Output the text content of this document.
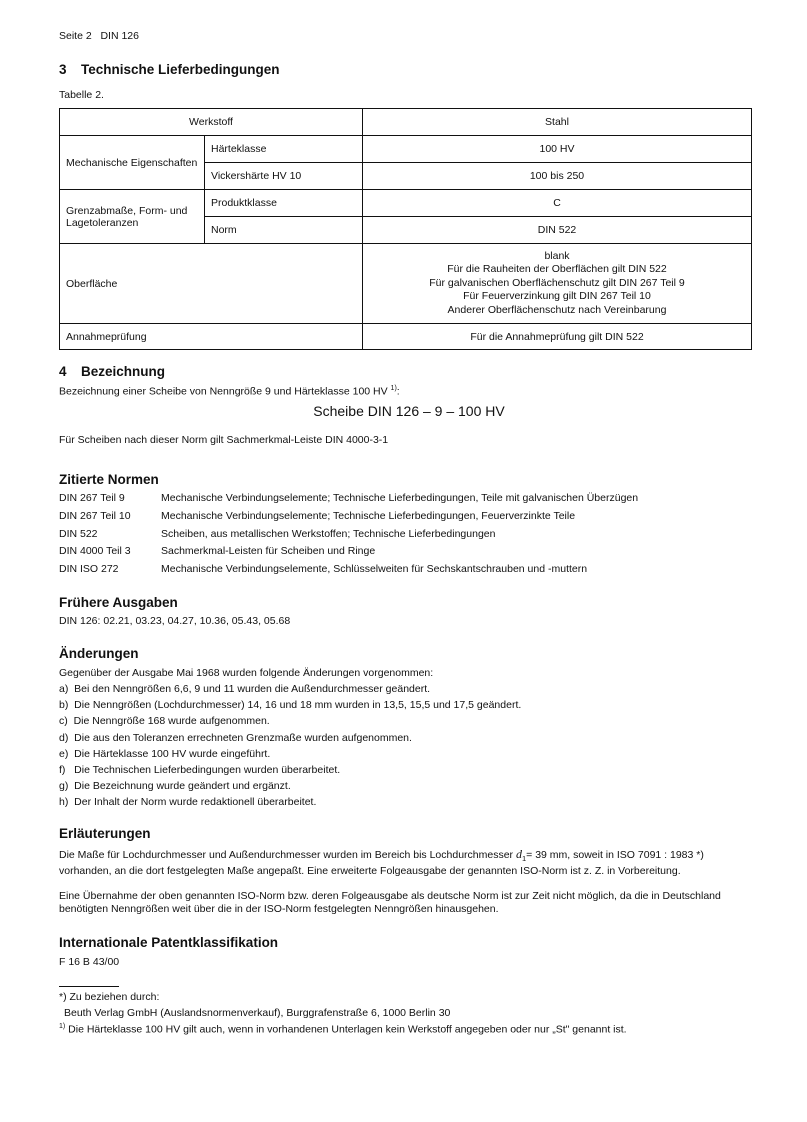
Seite 2 DIN 126
3 Technische Lieferbedingungen
Tabelle 2.
Werkstoff		Stahl
Mechanische Eigenschaften	Härteklasse	100 HV
	Vickershärte HV 10	100 bis 250
Grenzabmaße, Form- und Lagetoleranzen	Produktklasse	C
	Norm	DIN 522
Oberfläche		blank
Für die Rauheiten der Oberflächen gilt DIN 522
Für galvanischen Oberflächenschutz gilt DIN 267 Teil 9
Für Feuerverzinkung gilt DIN 267 Teil 10
Anderer Oberflächenschutz nach Vereinbarung

Annahmeprüfung		Für die Annahmeprüfung gilt DIN 522
4 Bezeichnung
Bezeichnung einer Scheibe von Nenngröße 9 und Härteklasse 100 HV $^{1)}$:
Scheibe DIN 126 – 9 – 100 HV
Für Scheiben nach dieser Norm gilt Sachmerkmal-Leiste DIN 4000-3-1
Zitierte Normen
DIN 267 Teil 9	Mechanische Verbindungselemente; Technische Lieferbedingungen, Teile mit galvanischen Überzügen
DIN 267 Teil 10	Mechanische Verbindungselemente; Technische Lieferbedingungen, Feuerverzinkte Teile
DIN 522	Scheiben, aus metallischen Werkstoffen; Technische Lieferbedingungen
DIN 4000 Teil 3	Sachmerkmal-Leisten für Scheiben und Ringe
DIN ISO 272	Mechanische Verbindungselemente, Schlüsselweiten für Sechskantschrauben und -muttern
Frühere Ausgaben
DIN 126: 02.21, 03.23, 04.27, 10.36, 05.43, 05.68
Änderungen
Gegenüber der Ausgabe Mai 1968 wurden folgende Änderungen vorgenommen:
a)  Bei den Nenngrößen 6,6, 9 und 11 wurden die Außendurchmesser geändert.
b)  Die Nenngrößen (Lochdurchmesser) 14, 16 und 18 mm wurden in 13,5, 15,5 und 17,5 geändert.
c)  Die Nenngröße 168 wurde aufgenommen.
d)  Die aus den Toleranzen errechneten Grenzmaße wurden aufgenommen.
e)  Die Härteklasse 100 HV wurde eingeführt.
f)   Die Technischen Lieferbedingungen wurden überarbeitet.
g)  Die Bezeichnung wurde geändert und ergänzt.
h)  Der Inhalt der Norm wurde redaktionell überarbeitet.
Erläuterungen
Die Maße für Lochdurchmesser und Außendurchmesser wurden im Bereich bis Lochdurchmesser $d_1= 39$ mm, soweit in ISO 7091 : 1983 *) vorhanden, an die dort festgelegten Maße angepaßt. Eine erweiterte Folgeausgabe der genannten ISO-Norm ist z. Z. in Vorbereitung.
Eine Übernahme der oben genannten ISO-Norm bzw. deren Folgeausgabe als deutsche Norm ist zur Zeit nicht möglich, da die in Deutschland benötigten Nenngrößen weit über die in der ISO-Norm festgelegten Nenngrößen hinausgehen.
Internationale Patentklassifikation
F 16 B 43/00
*) Zu beziehen durch:
Beuth Verlag GmbH (Auslandsnormenverkauf), Burggrafenstraße 6, 1000 Berlin 30
$^{1)}$ Die Härteklasse 100 HV gilt auch, wenn in vorhandenen Unterlagen kein Werkstoff angegeben oder nur „St" genannt ist.
